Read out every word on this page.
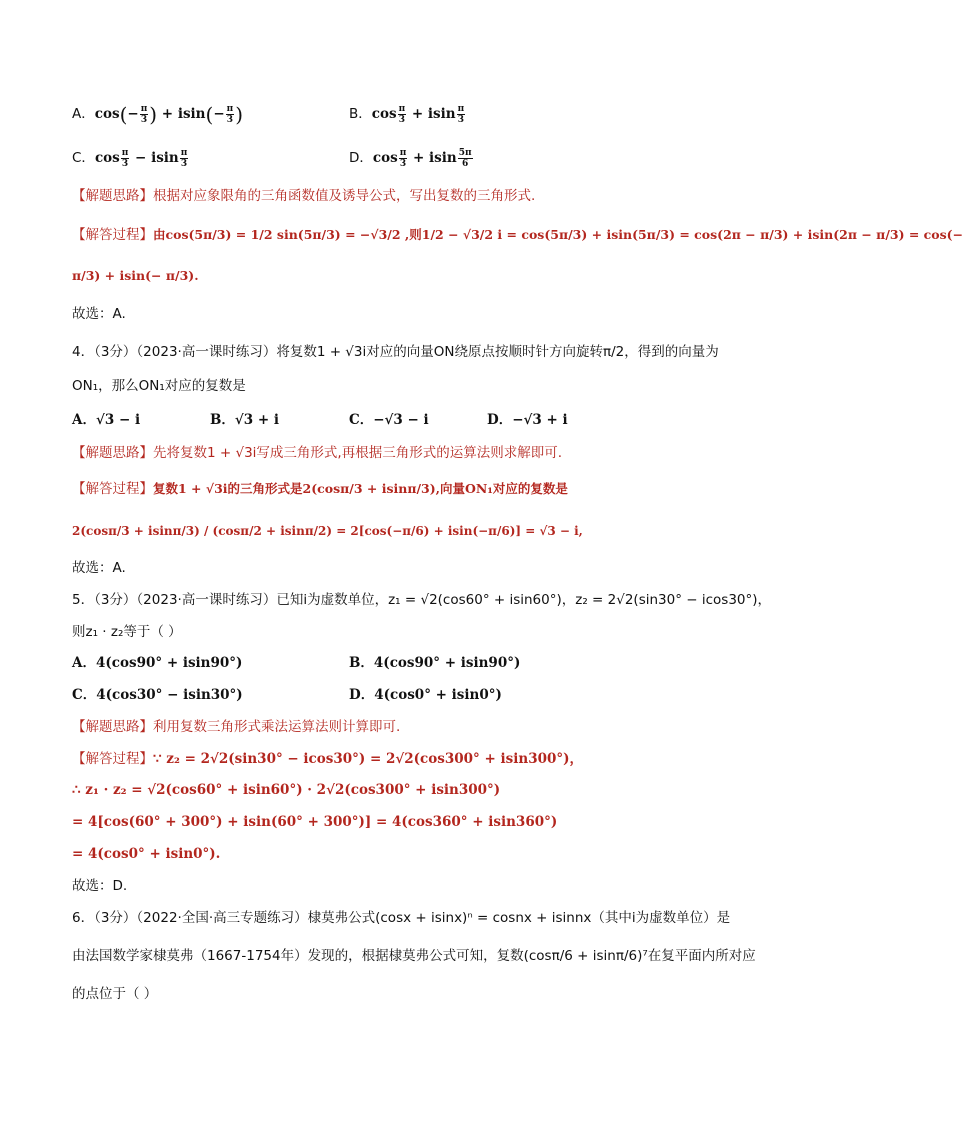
A．$\cos(- \frac{\pi}{3}$ ) + $isin(- \frac{\pi}{3}$ )	B．$\cos \frac{\pi}{3} + isin \frac{\pi}{3}$
C．$\cos \frac{\pi}{3} - isin \frac{\pi}{3}$	D．$\cos \frac{\pi}{3} + isin \frac{5\pi}{6}$
【解题思路】根据对应象限角的三角函数值及诱导公式，写出复数的三角形式.
【解答过程】由cos(5π/3) = 1/2 sin(5π/3) = −√3/2 ,则1/2 − √3/2 i = cos(5π/3) + isin(5π/3) = cos(2π − π/3) + isin(2π − π/3) = cos(−
π/3) + isin(− π/3).
故选：A.
4．（3分）（2023·高一课时练习）将复数1 + √3i对应的向量ON绕原点按顺时针方向旋转π/2，得到的向量为
ON₁，那么ON₁对应的复数是
A．√3 − i	B．√3 + i	C．−√3 − i	D．−√3 + i
【解题思路】先将复数1 + √3i写成三角形式,再根据三角形式的运算法则求解即可.
【解答过程】复数1 + √3i的三角形式是2(cosπ/3 + isinπ/3),向量ON₁对应的复数是
2(cosπ/3 + isinπ/3) / (cosπ/2 + isinπ/2) = 2[cos(−π/6) + isin(−π/6)] = √3 − i,
故选：A.
5．（3分）（2023·高一课时练习）已知i为虚数单位，z₁ = √2(cos60° + isin60°)，z₂ = 2√2(sin30° − icos30°)，
则z₁ · z₂等于（ ）
A．4(cos90° + isin90°)	B．4(cos90° + isin90°)
C．4(cos30° − isin30°)	D．4(cos0° + isin0°)
【解题思路】利用复数三角形式乘法运算法则计算即可.
【解答过程】∵ z₂ = 2√2(sin30° − icos30°) = 2√2(cos300° + isin300°)，
∴ z₁ · z₂ = √2(cos60° + isin60°) · 2√2(cos300° + isin300°)
= 4[cos(60° + 300°) + isin(60° + 300°)] = 4(cos360° + isin360°)
= 4(cos0° + isin0°).
故选：D.
6．（3分）（2022·全国·高三专题练习）棣莫弗公式(cosx + isinx)ⁿ = cosnx + isinnx（其中i为虚数单位）是
由法国数学家棣莫弗（1667-1754年）发现的，根据棣莫弗公式可知，复数(cosπ/6 + isinπ/6)⁷在复平面内所对应
的点位于（ ）
